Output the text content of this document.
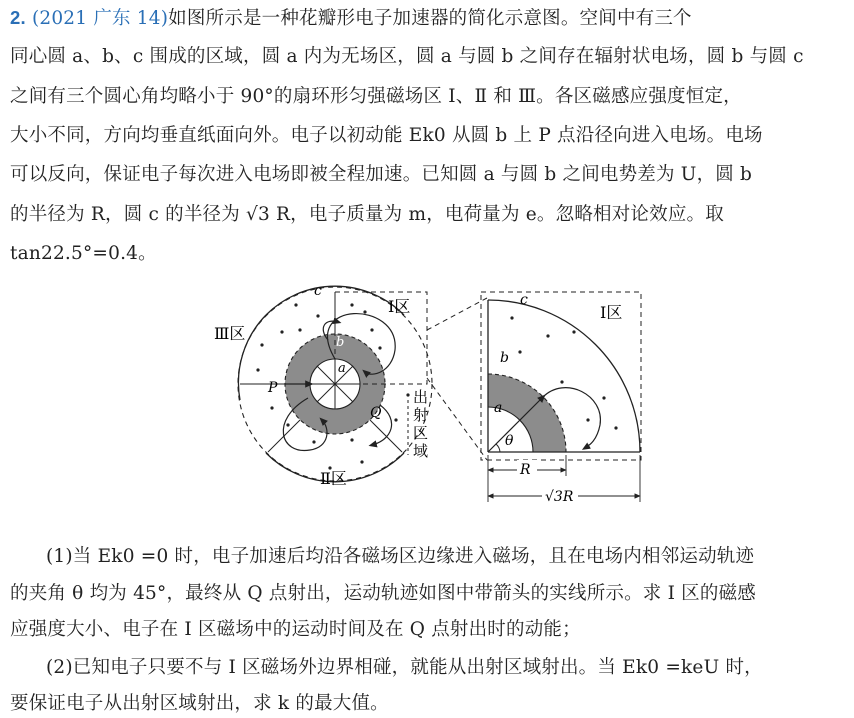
2. (2021 广东 14)如图所示是一种花瓣形电子加速器的简化示意图。空间中有三个
同心圆 a、b、c 围成的区域，圆 a 内为无场区，圆 a 与圆 b 之间存在辐射状电场，圆 b 与圆 c
之间有三个圆心角均略小于 90°的扇环形匀强磁场区 Ⅰ、Ⅱ 和 Ⅲ。各区磁感应强度恒定，
大小不同，方向均垂直纸面向外。电子以初动能 Ek0 从圆 b 上 P 点沿径向进入电场。电场
可以反向，保证电子每次进入电场即被全程加速。已知圆 a 与圆 b 之间电势差为 U，圆 b
的半径为 R，圆 c 的半径为 √3 R，电子质量为 m，电荷量为 e。忽略相对论效应。取
tan22.5°=0.4。
(1)当 Ek0 =0 时，电子加速后均沿各磁场区边缘进入磁场，且在电场内相邻运动轨迹
的夹角 θ 均为 45°，最终从 Q 点射出，运动轨迹如图中带箭头的实线所示。求 Ⅰ 区的磁感
应强度大小、电子在 Ⅰ 区磁场中的运动时间及在 Q 点射出时的动能；
(2)已知电子只要不与 Ⅰ 区磁场外边界相碰，就能从出射区域射出。当 Ek0 =keU 时，
要保证电子从出射区域射出，求 k 的最大值。
c
b
a
P
Q
Ⅰ区
Ⅱ区
Ⅲ区
出
射
区
域
c
b
a
θ
Ⅰ区
R
√3R
